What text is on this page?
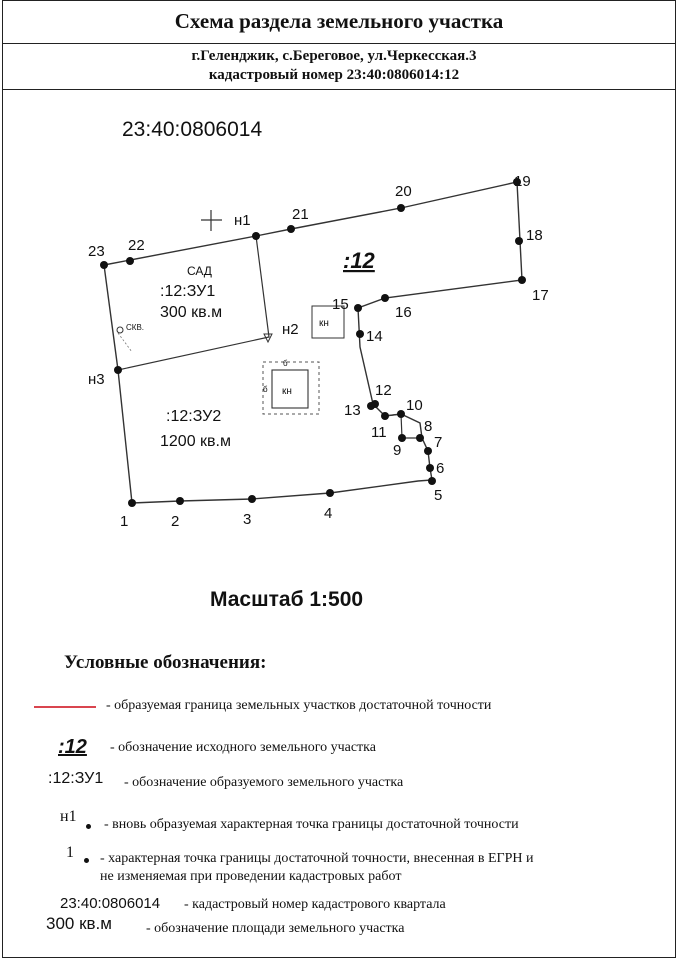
Схема раздела земельного участка
г.Геленджик, с.Береговое, ул.Черкесская.3
кадастровый номер 23:40:0806014:12
23:40:0806014
1	2	3	4
5
6
7
8
9
10
11
12
13
14
15	16
17
18
19
20
21
22
23
н1
н2
н3
:12
САД
:12:ЗУ1
300 кв.м
:12:ЗУ2
1200 кв.м
СКВ.	кн
кн
б
б
Масштаб 1:500
Условные обозначения:
- образуемая граница земельных участков достаточной точности
:12 - обозначение исходного земельного участка
:12:ЗУ1 - обозначение образуемого земельного участка
н1 - вновь образуемая характерная точка границы достаточной точности
1 - характерная точка границы достаточной точности, внесенная в ЕГРН и
не изменяемая при проведении кадастровых работ
23:40:0806014 - кадастровый номер кадастрового квартала
300 кв.м - обозначение площади земельного участка
